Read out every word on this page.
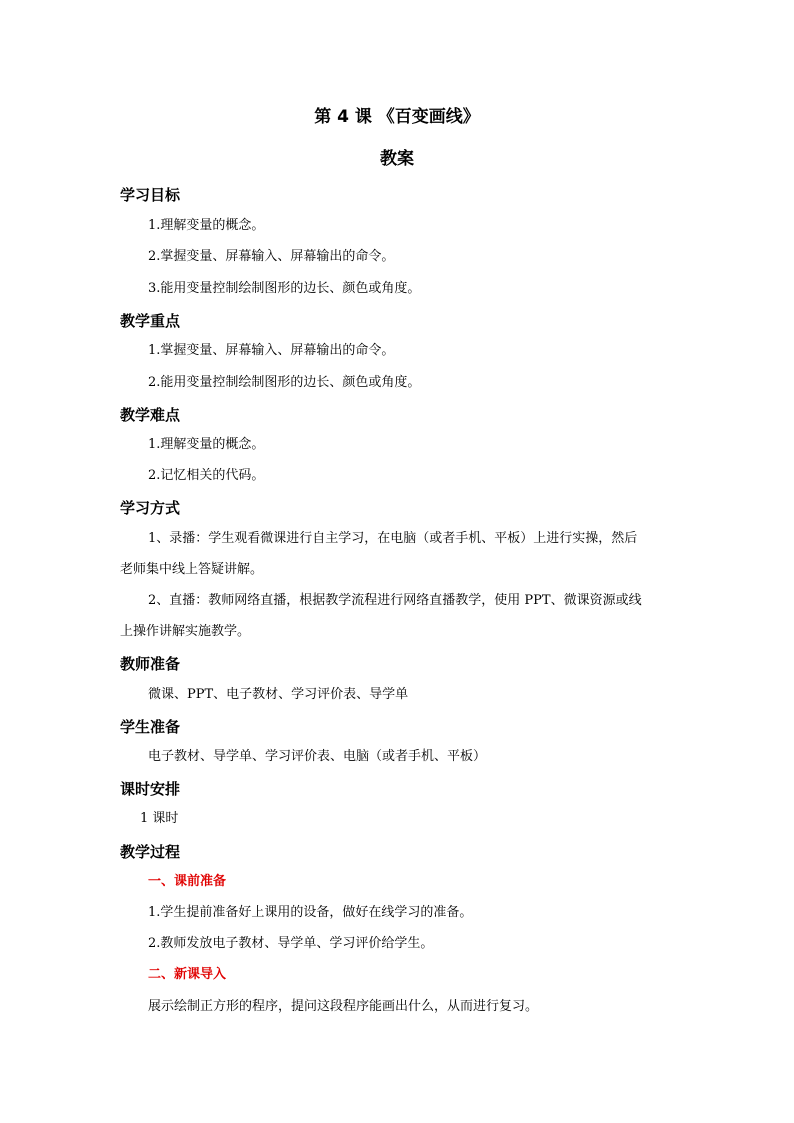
第 4 课 《百变画线》
教案
学习目标
1.理解变量的概念。
2.掌握变量、屏幕输入、屏幕输出的命令。
3.能用变量控制绘制图形的边长、颜色或角度。
教学重点
1.掌握变量、屏幕输入、屏幕输出的命令。
2.能用变量控制绘制图形的边长、颜色或角度。
教学难点
1.理解变量的概念。
2.记忆相关的代码。
学习方式
1、录播：学生观看微课进行自主学习，在电脑（或者手机、平板）上进行实操，然后
老师集中线上答疑讲解。
2、直播：教师网络直播，根据教学流程进行网络直播教学，使用 PPT、微课资源或线
上操作讲解实施教学。
教师准备
微课、PPT、电子教材、学习评价表、导学单
学生准备
电子教材、导学单、学习评价表、电脑（或者手机、平板）
课时安排
1 课时
教学过程
一、课前准备
1.学生提前准备好上课用的设备，做好在线学习的准备。
2.教师发放电子教材、导学单、学习评价给学生。
二、新课导入
展示绘制正方形的程序，提问这段程序能画出什么，从而进行复习。
